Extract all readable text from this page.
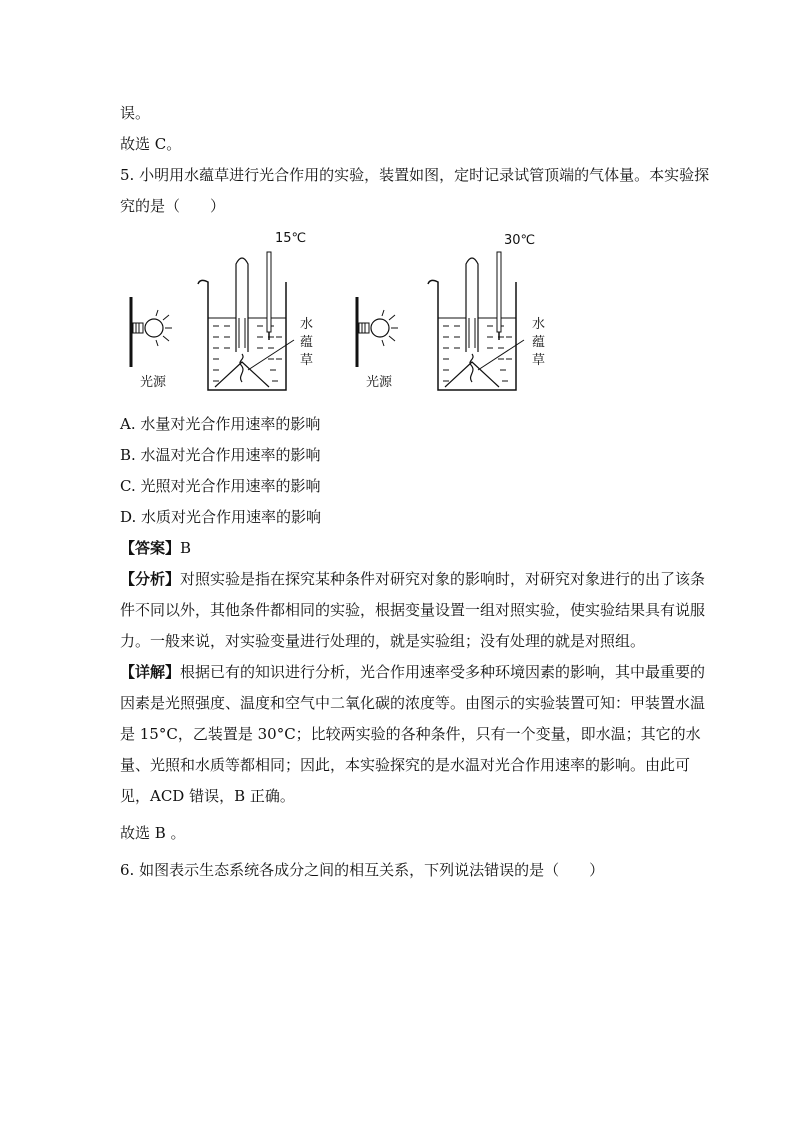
误。
故选 C。
5. 小明用水蕴草进行光合作用的实验，装置如图，定时记录试管顶端的气体量。本实验探
究的是（　　）
光源
15℃
水
蕴
草
光源
30℃
水
蕴
草
A. 水量对光合作用速率的影响
B. 水温对光合作用速率的影响
C. 光照对光合作用速率的影响
D. 水质对光合作用速率的影响
【答案】B
【分析】对照实验是指在探究某种条件对研究对象的影响时，对研究对象进行的出了该条
件不同以外，其他条件都相同的实验，根据变量设置一组对照实验，使实验结果具有说服
力。一般来说，对实验变量进行处理的，就是实验组；没有处理的就是对照组。
【详解】根据已有的知识进行分析，光合作用速率受多种环境因素的影响，其中最重要的
因素是光照强度、温度和空气中二氧化碳的浓度等。由图示的实验装置可知：甲装置水温
是 15°C，乙装置是 30°C；比较两实验的各种条件，只有一个变量，即水温；其它的水
量、光照和水质等都相同；因此，本实验探究的是水温对光合作用速率的影响。由此可
见，ACD 错误，B 正确。
故选 B 。
6. 如图表示生态系统各成分之间的相互关系，下列说法错误的是（　　）
